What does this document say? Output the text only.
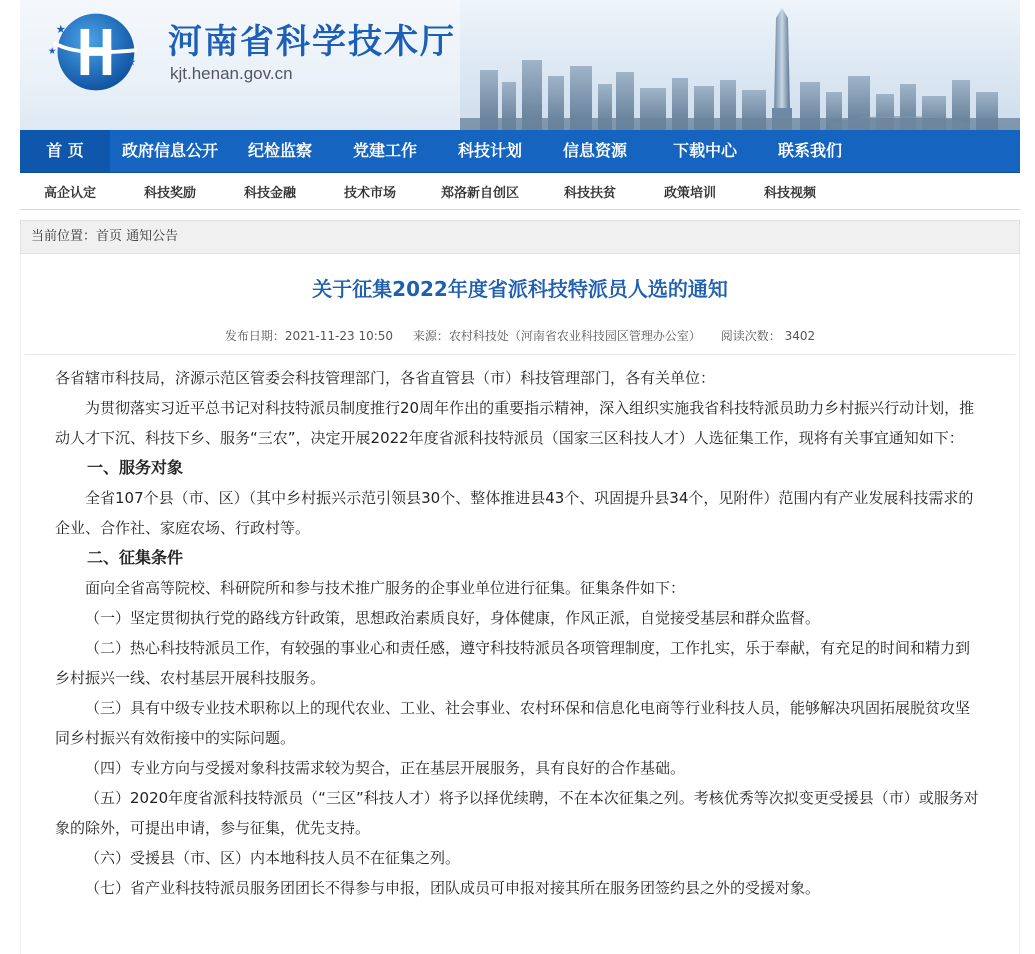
★
★
★
河南省科学技术厅
kjt.henan.gov.cn
首 页	政府信息公开	纪检监察	党建工作	科技计划	信息资源	下载中心	联系我们
高企认定	科技奖励	科技金融	技术市场	郑洛新自创区	科技扶贫	政策培训	科技视频
当前位置：首页 通知公告
关于征集2022年度省派科技特派员人选的通知
发布日期：2021-11-23 10:50 来源：农村科技处（河南省农业科技园区管理办公室） 阅读次数： 3402

各省辖市科技局，济源示范区管委会科技管理部门，各省直管县（市）科技管理部门，各有关单位：

为贯彻落实习近平总书记对科技特派员制度推行20周年作出的重要指示精神，深入组织实施我省科技特派员助力乡村振兴行动计划，推动人才下沉、科技下乡、服务“三农”，决定开展2022年度省派科技特派员（国家三区科技人才）人选征集工作，现将有关事宜通知如下：

一、服务对象

全省107个县（市、区）（其中乡村振兴示范引领县30个、整体推进县43个、巩固提升县34个，见附件）范围内有产业发展科技需求的企业、合作社、家庭农场、行政村等。

二、征集条件

面向全省高等院校、科研院所和参与技术推广服务的企事业单位进行征集。征集条件如下：

（一）坚定贯彻执行党的路线方针政策，思想政治素质良好，身体健康，作风正派，自觉接受基层和群众监督。

（二）热心科技特派员工作，有较强的事业心和责任感，遵守科技特派员各项管理制度，工作扎实，乐于奉献，有充足的时间和精力到乡村振兴一线、农村基层开展科技服务。

（三）具有中级专业技术职称以上的现代农业、工业、社会事业、农村环保和信息化电商等行业科技人员，能够解决巩固拓展脱贫攻坚同乡村振兴有效衔接中的实际问题。

（四）专业方向与受援对象科技需求较为契合，正在基层开展服务，具有良好的合作基础。

（五）2020年度省派科技特派员（“三区”科技人才）将予以择优续聘，不在本次征集之列。考核优秀等次拟变更受援县（市）或服务对象的除外，可提出申请，参与征集，优先支持。

（六）受援县（市、区）内本地科技人员不在征集之列。

（七）省产业科技特派员服务团团长不得参与申报，团队成员可申报对接其所在服务团签约县之外的受援对象。
